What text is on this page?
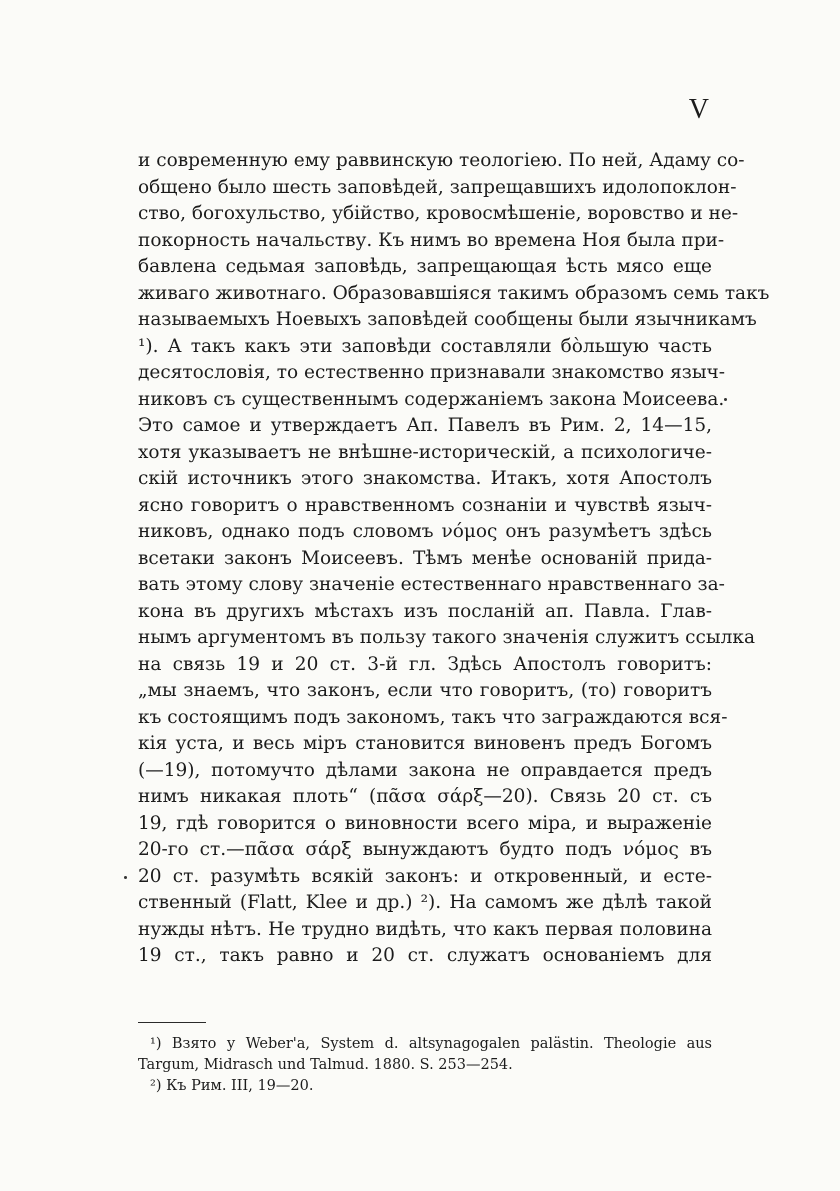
V
и современную ему раввинскую теологіею. По ней, Адаму со-
общено было шесть заповѣдей, запрещавшихъ идолопоклон-
ство, богохульство, убійство, кровосмѣшеніе, воровство и не-
покорность начальству. Къ нимъ во времена Ноя была при-
бавлена седьмая заповѣдь, запрещающая ѣсть мясо еще
живаго животнаго. Образовавшіяся такимъ образомъ семь такъ
называемыхъ Ноевыхъ заповѣдей сообщены были язычникамъ
¹). А такъ какъ эти заповѣди составляли бо̀льшую часть
десятословія, то естественно признавали знакомство языч-
никовъ съ существеннымъ содержаніемъ закона Моисеева.
Это самое и утверждаетъ Ап. Павелъ въ Рим. 2, 14—15,
хотя указываетъ не внѣшне-историческій, а психологиче-
скій источникъ этого знакомства. Итакъ, хотя Апостолъ
ясно говоритъ о нравственномъ сознаніи и чувствѣ языч-
никовъ, однако подъ словомъ νόμος онъ разумѣетъ здѣсь
всетаки законъ Моисеевъ. Тѣмъ менѣе основаній прида-
вать этому слову значеніе естественнаго нравственнаго за-
кона въ другихъ мѣстахъ изъ посланій ап. Павла. Глав-
нымъ аргументомъ въ пользу такого значенія служитъ ссылка
на связь 19 и 20 ст. 3-й гл. Здѣсь Апостолъ говоритъ:
„мы знаемъ, что законъ, если что говоритъ, (то) говоритъ
къ состоящимъ подъ закономъ, такъ что заграждаются вся-
кія уста, и весь міръ становится виновенъ предъ Богомъ
(—19), потомучто дѣлами закона не оправдается предъ
нимъ никакая плоть“ (πᾶσα σάρξ—20). Связь 20 ст. съ
19, гдѣ говорится о виновности всего міра, и выраженіе
20-го ст.—πᾶσα σάρξ вынуждаютъ будто подъ νόμος въ
20 ст. разумѣть всякій законъ: и откровенный, и есте-
ственный (Flatt, Klee и др.) ²). На самомъ же дѣлѣ такой
нужды нѣтъ. Не трудно видѣть, что какъ первая половина
19 ст., такъ равно и 20 ст. служатъ основаніемъ для
¹) Взято у Weber'a, System d. altsynagogalen palästin. Theologie aus
Targum, Midrasch und Talmud. 1880. S. 253—254.
²) Къ Рим. III, 19—20.
